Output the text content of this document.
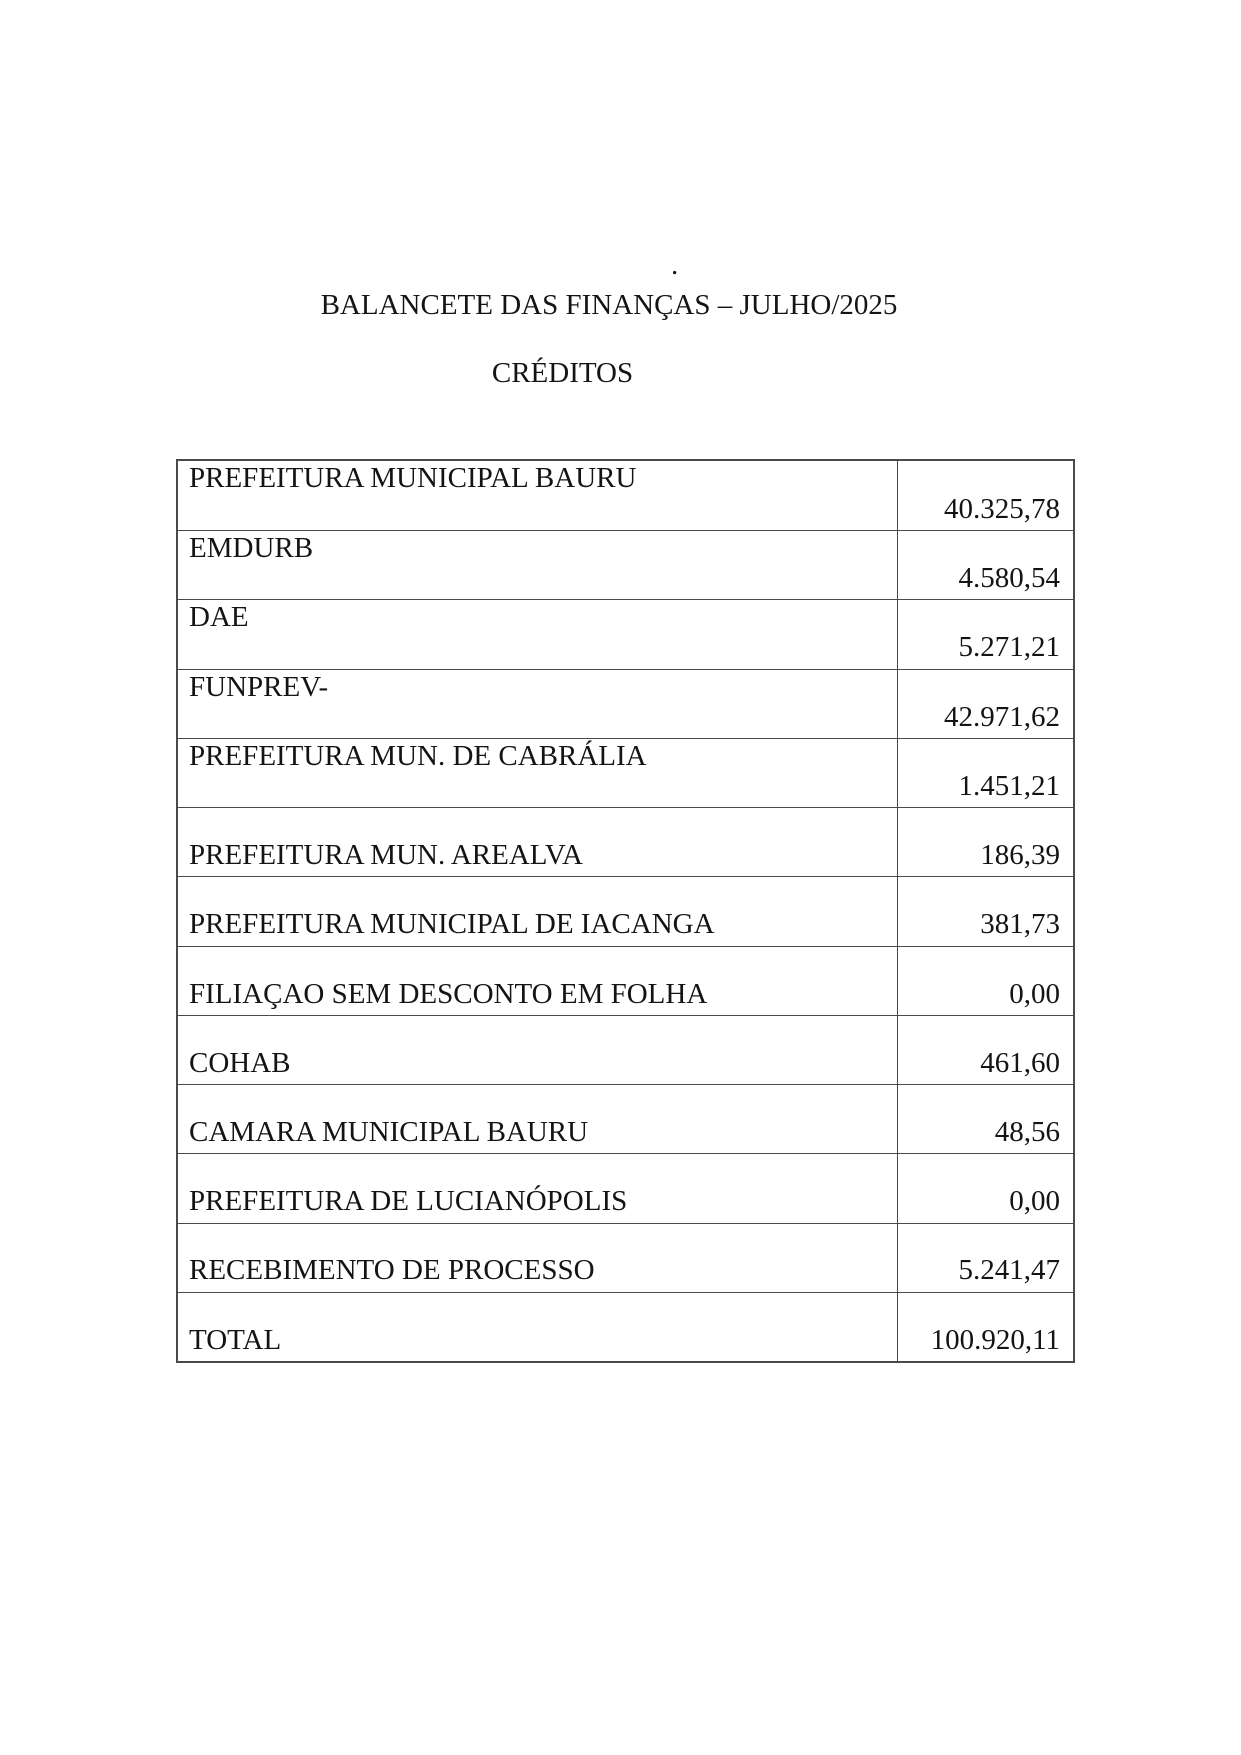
.
BALANCETE DAS FINANÇAS – JULHO/2025
CRÉDITOS
PREFEITURA MUNICIPAL BAURU
40.325,78
EMDURB
4.580,54
DAE
5.271,21
FUNPREV-
42.971,62
PREFEITURA MUN. DE CABRÁLIA
1.451,21
PREFEITURA MUN. AREALVA	186,39
PREFEITURA MUNICIPAL DE IACANGA	381,73
FILIAÇAO SEM DESCONTO EM FOLHA	0,00
COHAB	461,60
CAMARA MUNICIPAL BAURU	48,56
PREFEITURA DE LUCIANÓPOLIS	0,00
RECEBIMENTO DE PROCESSO	5.241,47
TOTAL	100.920,11
